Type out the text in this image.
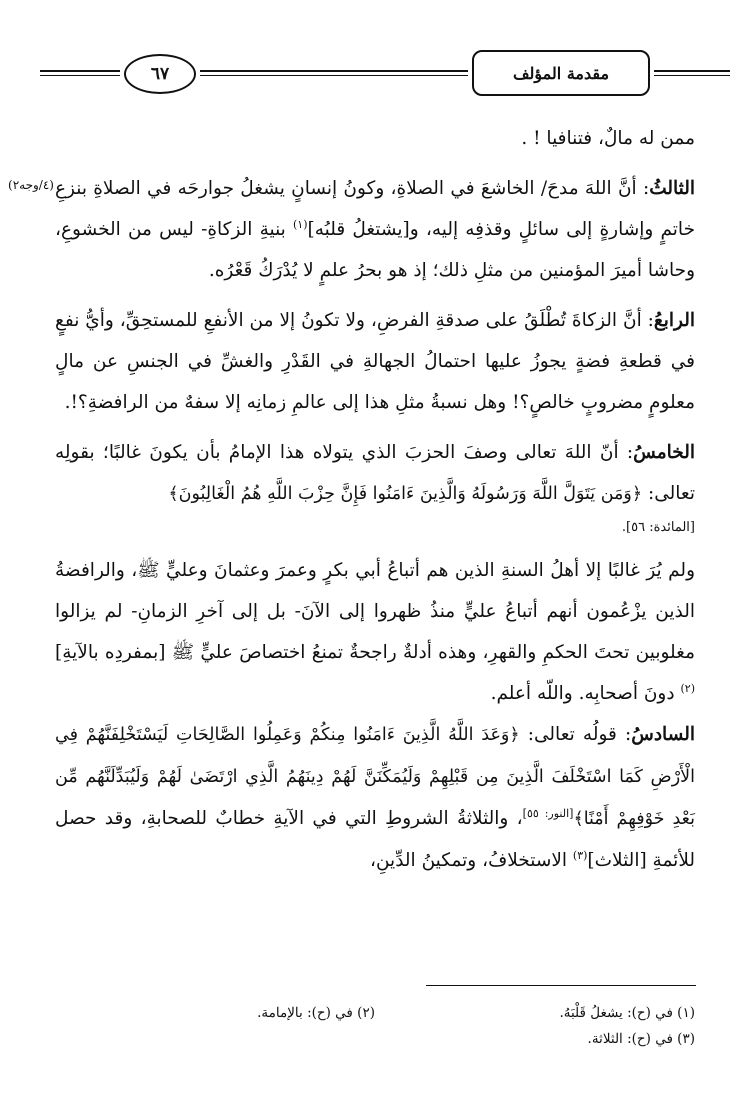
٦٧	مقدمة المؤلف
(٤/وجه٢)

ممن له مالٌ، فتنافيا ! .

الثالثُ: أنَّ اللهَ مدحَ/ الخاشعَ في الصلاةِ، وكونُ إنسانٍ يشغلُ جوارحَه في الصلاةِ بنزعِ خاتمٍ وإشارةٍ إلى سائلٍ وقذفِه إليه، و[يشتغلُ قلبُه]$^{(١)}$ بنيةِ الزكاةِ- ليس من الخشوعِ، وحاشا أميرَ المؤمنين من مثلِ ذلك؛ إذ هو بحرُ علمٍ لا يُدْرَكُ قَعْرُه.

الرابعُ: أنَّ الزكاةَ تُطْلَقُ على صدقةِ الفرضِ، ولا تكونُ إلا من الأنفعِ للمستحِقِّ، وأيُّ نفعٍ في قطعةِ فضةٍ يجوزُ عليها احتمالُ الجهالةِ في القَدْرِ والغشِّ في الجنسِ عن مالٍ معلومٍ مضروبٍ خالصٍ؟! وهل نسبةُ مثلِ هذا إلى عالمِ زمانِه إلا سفهٌ من الرافضةِ؟!.

الخامسُ: أنّ اللهَ تعالى وصفَ الحزبَ الذي يتولاه هذا الإمامُ بأن يكونَ غالبًا؛ بقولِه تعالى: ﴿وَمَن يَتَوَلَّ اللَّهَ وَرَسُولَهُ وَالَّذِينَ ءَامَنُوا فَإِنَّ حِزْبَ اللَّهِ هُمُ الْغَالِبُونَ﴾

[المائدة: ٥٦].

ولم يُرَ غالبًا إلا أهلُ السنةِ الذين هم أتباعُ أبي بكرٍ وعمرَ وعثمانَ وعليٍّ ﷺ، والرافضةُ الذين يزْعُمون أنهم أتباعُ عليٍّ منذُ ظهروا إلى الآنَ- بل إلى آخرِ الزمانِ- لم يزالوا مغلوبين تحتَ الحكمِ والقهرِ، وهذه أدلةٌ راجحةٌ تمنعُ اختصاصَ عليٍّ ﷺ [بمفردِه بالآيةِ]$^{(٢)}$ دونَ أصحابِه. واللّه أعلم.

السادسُ: قولُه تعالى: ﴿وَعَدَ اللَّهُ الَّذِينَ ءَامَنُوا مِنكُمْ وَعَمِلُوا الصَّالِحَاتِ لَيَسْتَخْلِفَنَّهُمْ فِي الْأَرْضِ كَمَا اسْتَخْلَفَ الَّذِينَ مِن قَبْلِهِمْ وَلَيُمَكِّنَنَّ لَهُمْ دِينَهُمُ الَّذِي ارْتَضَىٰ لَهُمْ وَلَيُبَدِّلَنَّهُم مِّن بَعْدِ خَوْفِهِمْ أَمْنًا﴾[النور: ٥٥]، والثلاثةُ الشروطِ التي في الآيةِ خطابٌ للصحابةِ، وقد حصل للأئمةِ [الثلاث]$^{(٣)}$ الاستخلافُ، وتمكينُ الدِّينِ،

(١) في (ح): يشغلُ قَلْبَهُ.
(٢) في (ح): بالإمامة.
(٣) في (ح): الثلاثة.
